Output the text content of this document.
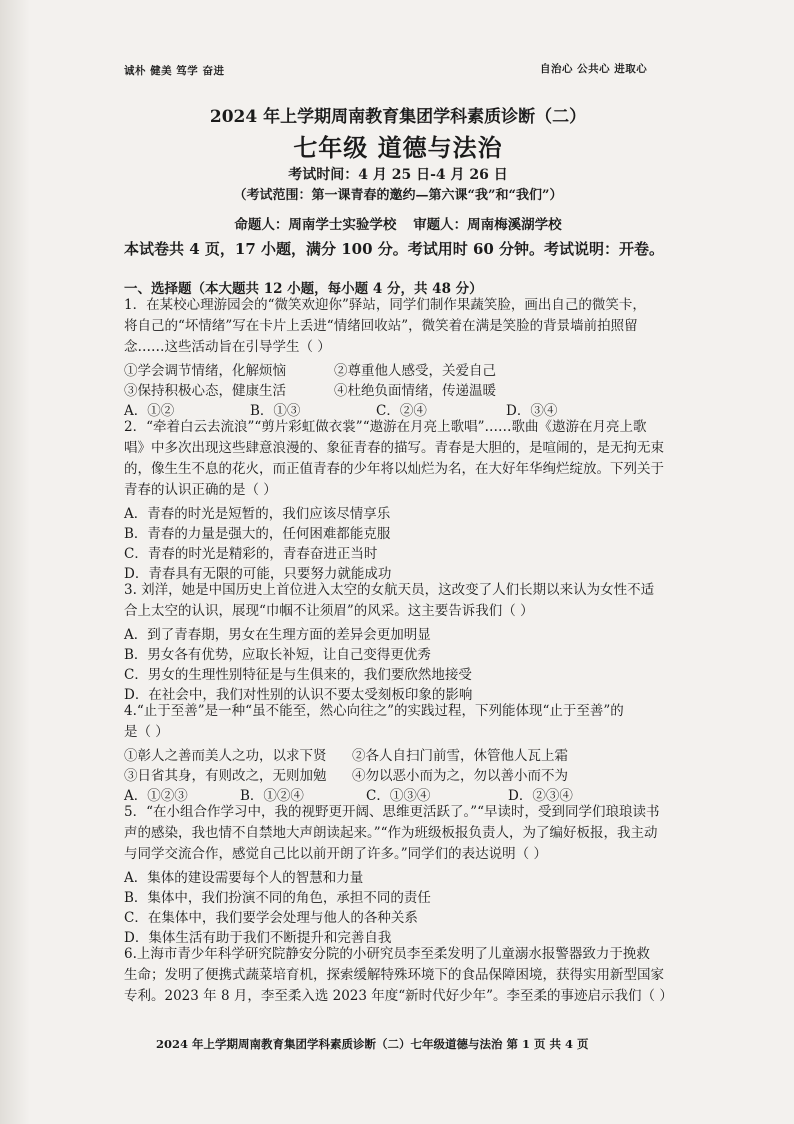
诚朴 健美 笃学 奋进	自治心 公共心 进取心
2024 年上学期周南教育集团学科素质诊断（二）
七年级 道德与法治
考试时间：4 月 25 日-4 月 26 日
（考试范围：第一课青春的邀约—第六课“我”和“我们”）
命题人：周南学士实验学校 审题人：周南梅溪湖学校
本试卷共 4 页，17 小题，满分 100 分。考试用时 60 分钟。考试说明：开卷。
一、选择题（本大题共 12 小题，每小题 4 分，共 48 分）
1．在某校心理游园会的“微笑欢迎你”驿站，同学们制作果蔬笑脸，画出自己的微笑卡，
将自己的“坏情绪”写在卡片上丢进“情绪回收站”，微笑着在满是笑脸的背景墙前拍照留
念……这些活动旨在引导学生（ ）
①学会调节情绪，化解烦恼	②尊重他人感受，关爱自己
③保持积极心态，健康生活	④杜绝负面情绪，传递温暖
A．①②	B．①③	C．②④	D．③④
2．“牵着白云去流浪”“剪片彩虹做衣裳”“遨游在月亮上歌唱”……歌曲《遨游在月亮上歌
唱》中多次出现这些肆意浪漫的、象征青春的描写。青春是大胆的，是喧闹的，是无拘无束
的，像生生不息的花火，而正值青春的少年将以灿烂为名，在大好年华绚烂绽放。下列关于
青春的认识正确的是（ ）
A．青春的时光是短暂的，我们应该尽情享乐
B．青春的力量是强大的，任何困难都能克服
C．青春的时光是精彩的，青春奋进正当时
D．青春具有无限的可能，只要努力就能成功
3. 刘洋，她是中国历史上首位进入太空的女航天员，这改变了人们长期以来认为女性不适
合上太空的认识，展现“巾帼不让须眉”的风采。这主要告诉我们（ ）
A．到了青春期，男女在生理方面的差异会更加明显
B．男女各有优势，应取长补短，让自己变得更优秀
C．男女的生理性别特征是与生俱来的，我们要欣然地接受
D．在社会中，我们对性别的认识不要太受刻板印象的影响
4.“止于至善”是一种“虽不能至，然心向往之”的实践过程，下列能体现“止于至善”的
是（ ）
①彰人之善而美人之功，以求下贤 ②各人自扫门前雪，休管他人瓦上霜
③日省其身，有则改之，无则加勉 ④勿以恶小而为之，勿以善小而不为
A．①②③	B．①②④	C．①③④	D．②③④
5．“在小组合作学习中，我的视野更开阔、思维更活跃了。”“早读时，受到同学们琅琅读书
声的感染，我也情不自禁地大声朗读起来。”“作为班级板报负责人，为了编好板报，我主动
与同学交流合作，感觉自己比以前开朗了许多。”同学们的表达说明（ ）
A．集体的建设需要每个人的智慧和力量
B．集体中，我们扮演不同的角色，承担不同的责任
C．在集体中，我们要学会处理与他人的各种关系
D．集体生活有助于我们不断提升和完善自我
6.上海市青少年科学研究院静安分院的小研究员李至柔发明了儿童溺水报警器致力于挽救
生命；发明了便携式蔬菜培育机，探索缓解特殊环境下的食品保障困境，获得实用新型国家
专利。2023 年 8 月，李至柔入选 2023 年度“新时代好少年”。李至柔的事迹启示我们（ ）
2024 年上学期周南教育集团学科素质诊断（二）七年级道德与法治 第 1 页 共 4 页
